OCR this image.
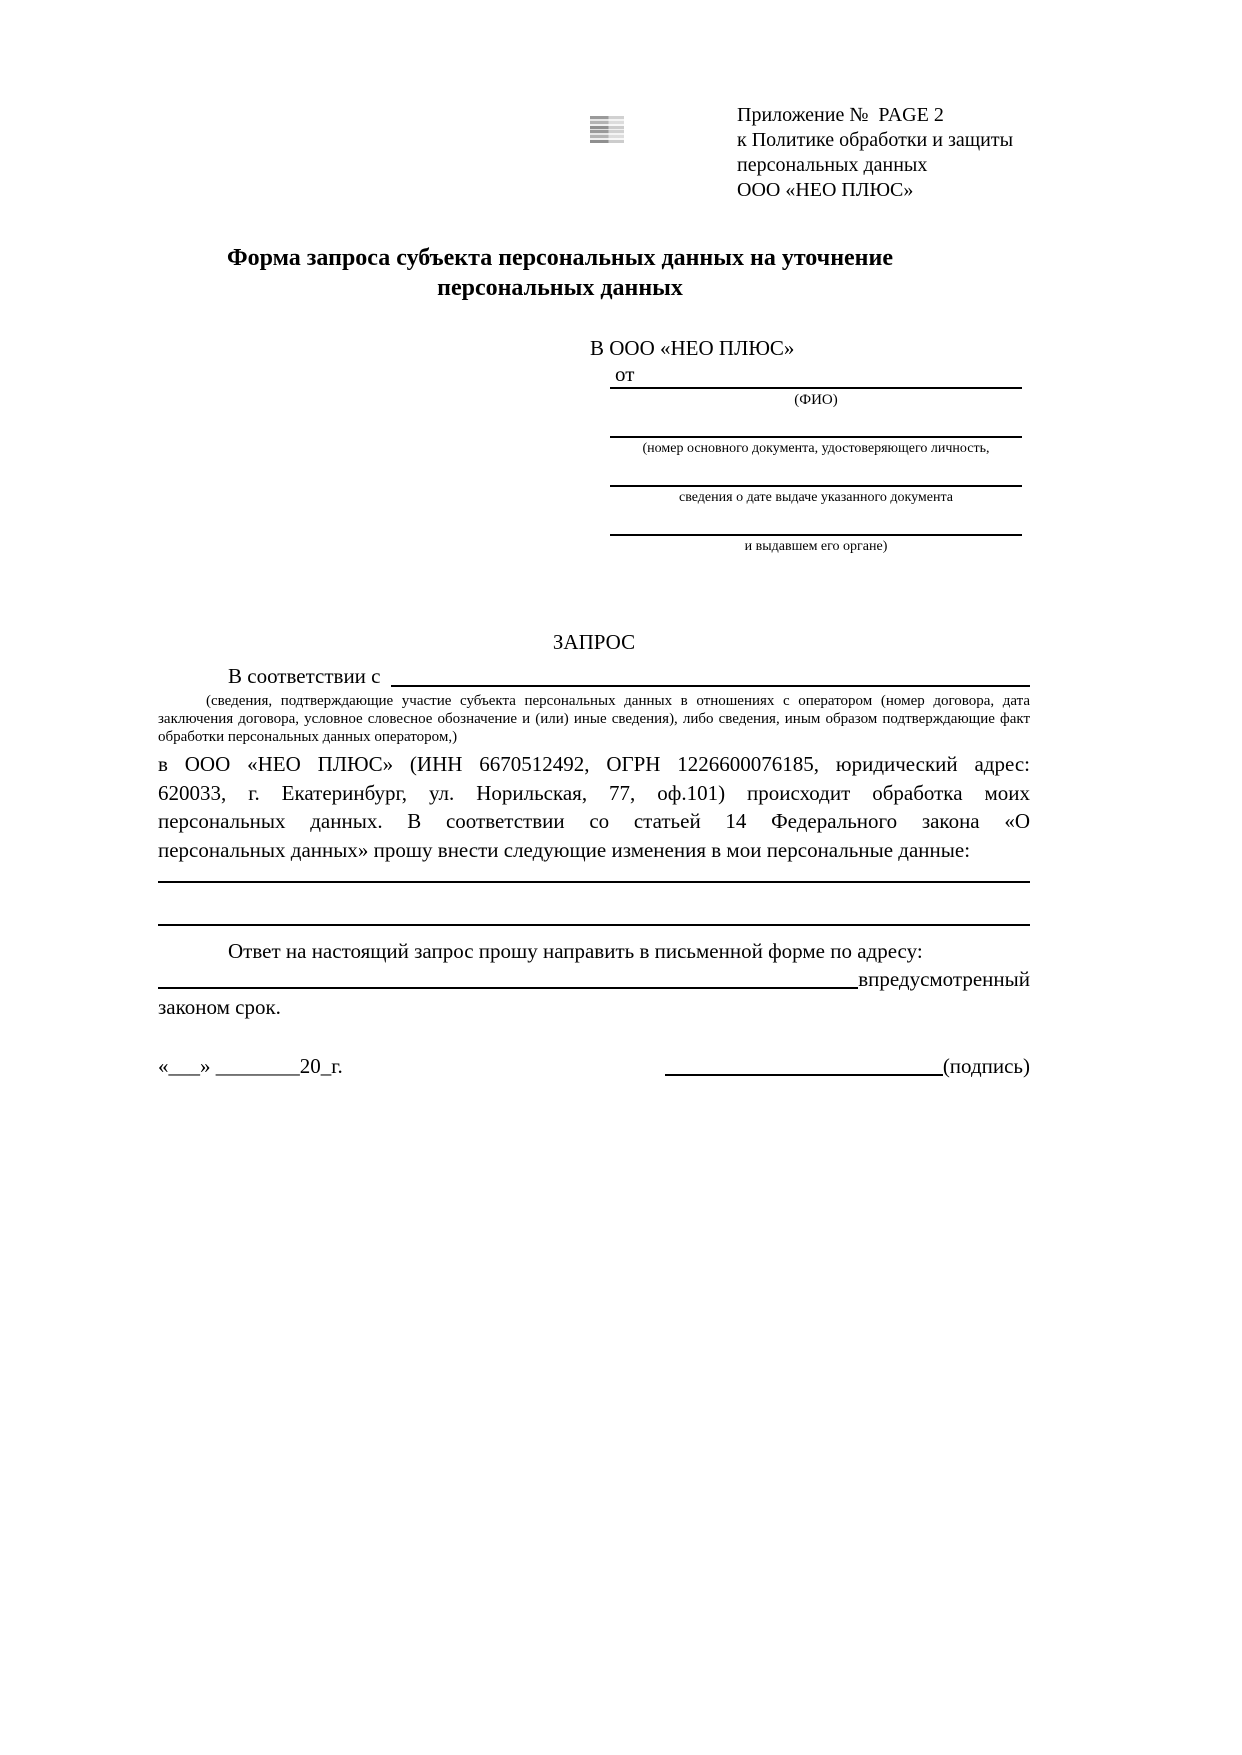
Приложение №  PAGE 2
к Политике обработки и защиты
персональных данных
ООО «НЕО ПЛЮС»
Форма запроса субъекта персональных данных на уточнение
персональных данных
В ООО «НЕО ПЛЮС»
от
(ФИО)
(номер основного документа, удостоверяющего личность,
сведения о дате выдаче указанного документа
и выдавшем его органе)
ЗАПРОС
В соответствии с
(сведения, подтверждающие участие субъекта персональных данных в отношениях с оператором (номер договора, дата
заключения договора, условное словесное обозначение и (или) иные сведения), либо сведения, иным образом подтверждающие факт
обработки персональных данных оператором,)
в ООО «НЕО ПЛЮС» (ИНН 6670512492, ОГРН 1226600076185, юридический адрес:
620033, г. Екатеринбург, ул. Норильская, 77, оф.101) происходит обработка моих
персональных данных. В соответствии со статьей 14 Федерального закона «О
персональных данных» прошу внести следующие изменения в мои персональные данные:
Ответ на настоящий запрос прошу направить в письменной форме по адресу:
в предусмотренный
законом срок.
«___» ________20_г.	(подпись)
